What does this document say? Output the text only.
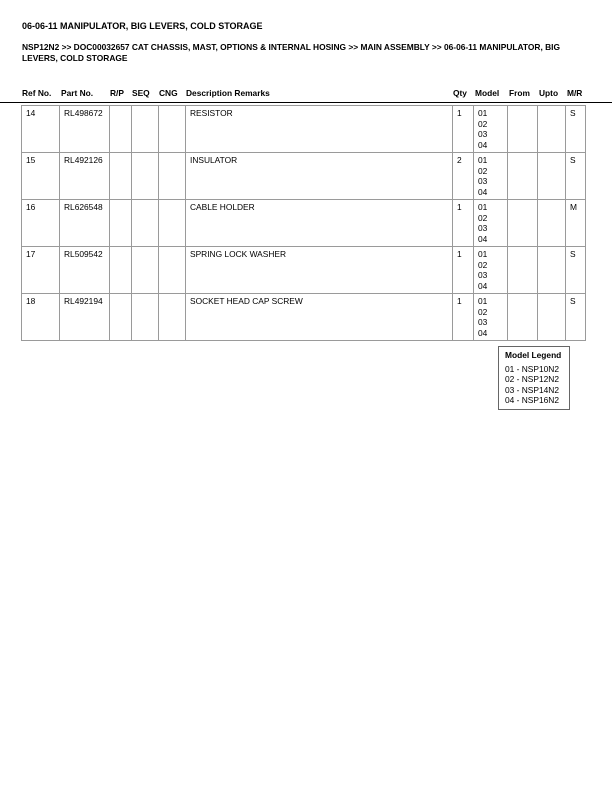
06-06-11 MANIPULATOR, BIG LEVERS, COLD STORAGE
NSP12N2 >> DOC00032657 CAT CHASSIS, MAST, OPTIONS & INTERNAL HOSING >> MAIN ASSEMBLY >> 06-06-11 MANIPULATOR, BIG LEVERS, COLD STORAGE
Ref No. Part No. R/P SEQ CNG Description Remarks	Qty Model From Upto M/R
14	RL498672				RESISTOR	1	01
02
03
04			S
15	RL492126				INSULATOR	2	01
02
03
04			S
16	RL626548				CABLE HOLDER	1	01
02
03
04			M
17	RL509542				SPRING LOCK WASHER	1	01
02
03
04			S
18	RL492194				SOCKET HEAD CAP SCREW	1	01
02
03
04			S
Model Legend
01 - NSP10N2
02 - NSP12N2
03 - NSP14N2
04 - NSP16N2
